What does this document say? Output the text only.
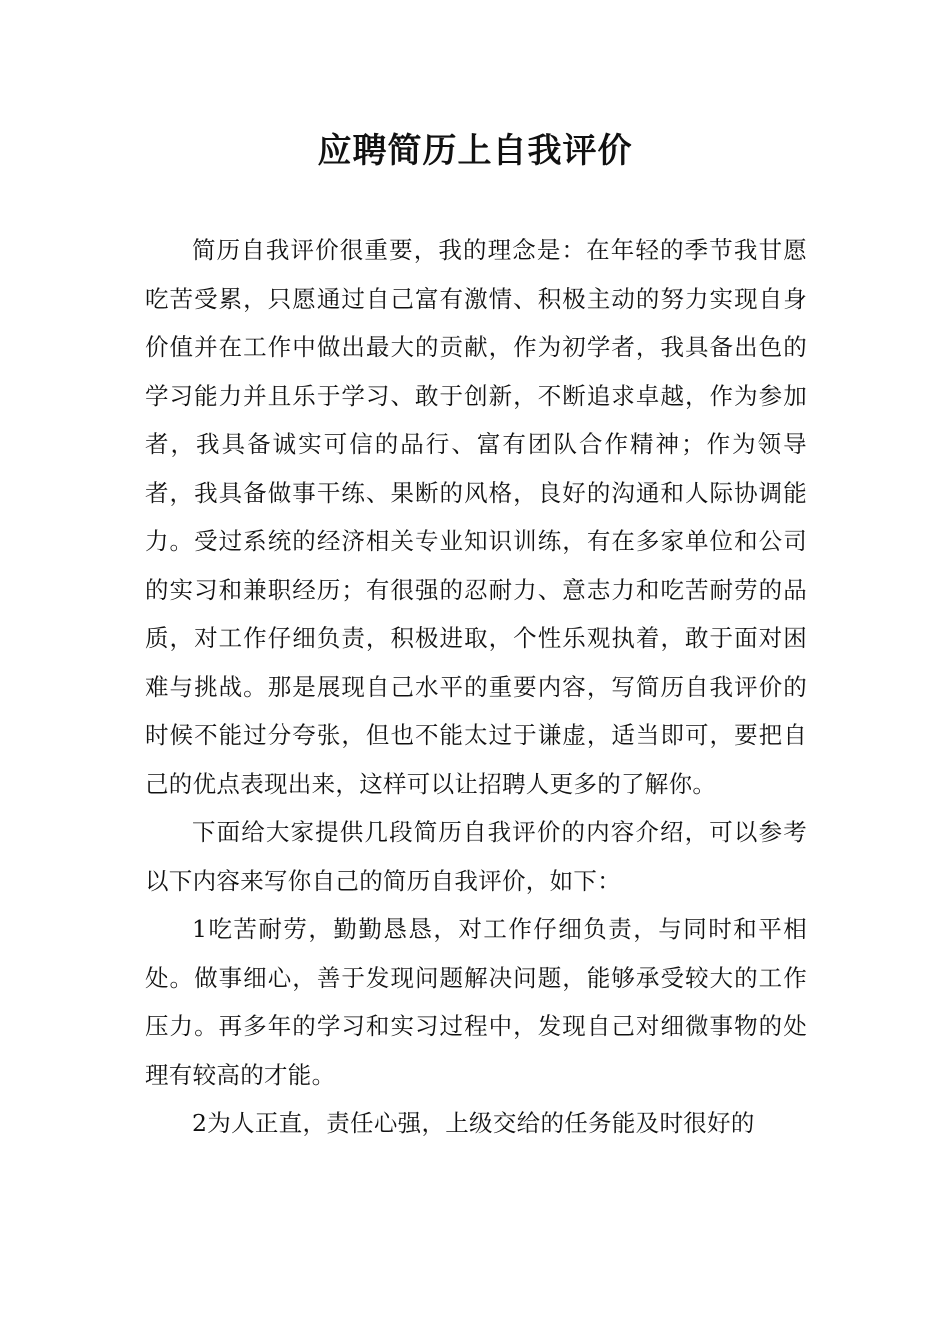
应聘简历上自我评价

简历自我评价很重要，我的理念是：在年轻的季节我甘愿吃苦受累，只愿通过自己富有激情、积极主动的努力实现自身价值并在工作中做出最大的贡献，作为初学者，我具备出色的学习能力并且乐于学习、敢于创新，不断追求卓越，作为参加者，我具备诚实可信的品行、富有团队合作精神；作为领导者，我具备做事干练、果断的风格，良好的沟通和人际协调能力。受过系统的经济相关专业知识训练，有在多家单位和公司的实习和兼职经历；有很强的忍耐力、意志力和吃苦耐劳的品质，对工作仔细负责，积极进取，个性乐观执着，敢于面对困难与挑战。那是展现自己水平的重要内容，写简历自我评价的时候不能过分夸张，但也不能太过于谦虚，适当即可，要把自己的优点表现出来，这样可以让招聘人更多的了解你。

下面给大家提供几段简历自我评价的内容介绍，可以参考以下内容来写你自己的简历自我评价，如下：

1吃苦耐劳，勤勤恳恳，对工作仔细负责，与同时和平相处。做事细心，善于发现问题解决问题，能够承受较大的工作压力。再多年的学习和实习过程中，发现自己对细微事物的处理有较高的才能。

2为人正直，责任心强，上级交给的任务能及时很好的
